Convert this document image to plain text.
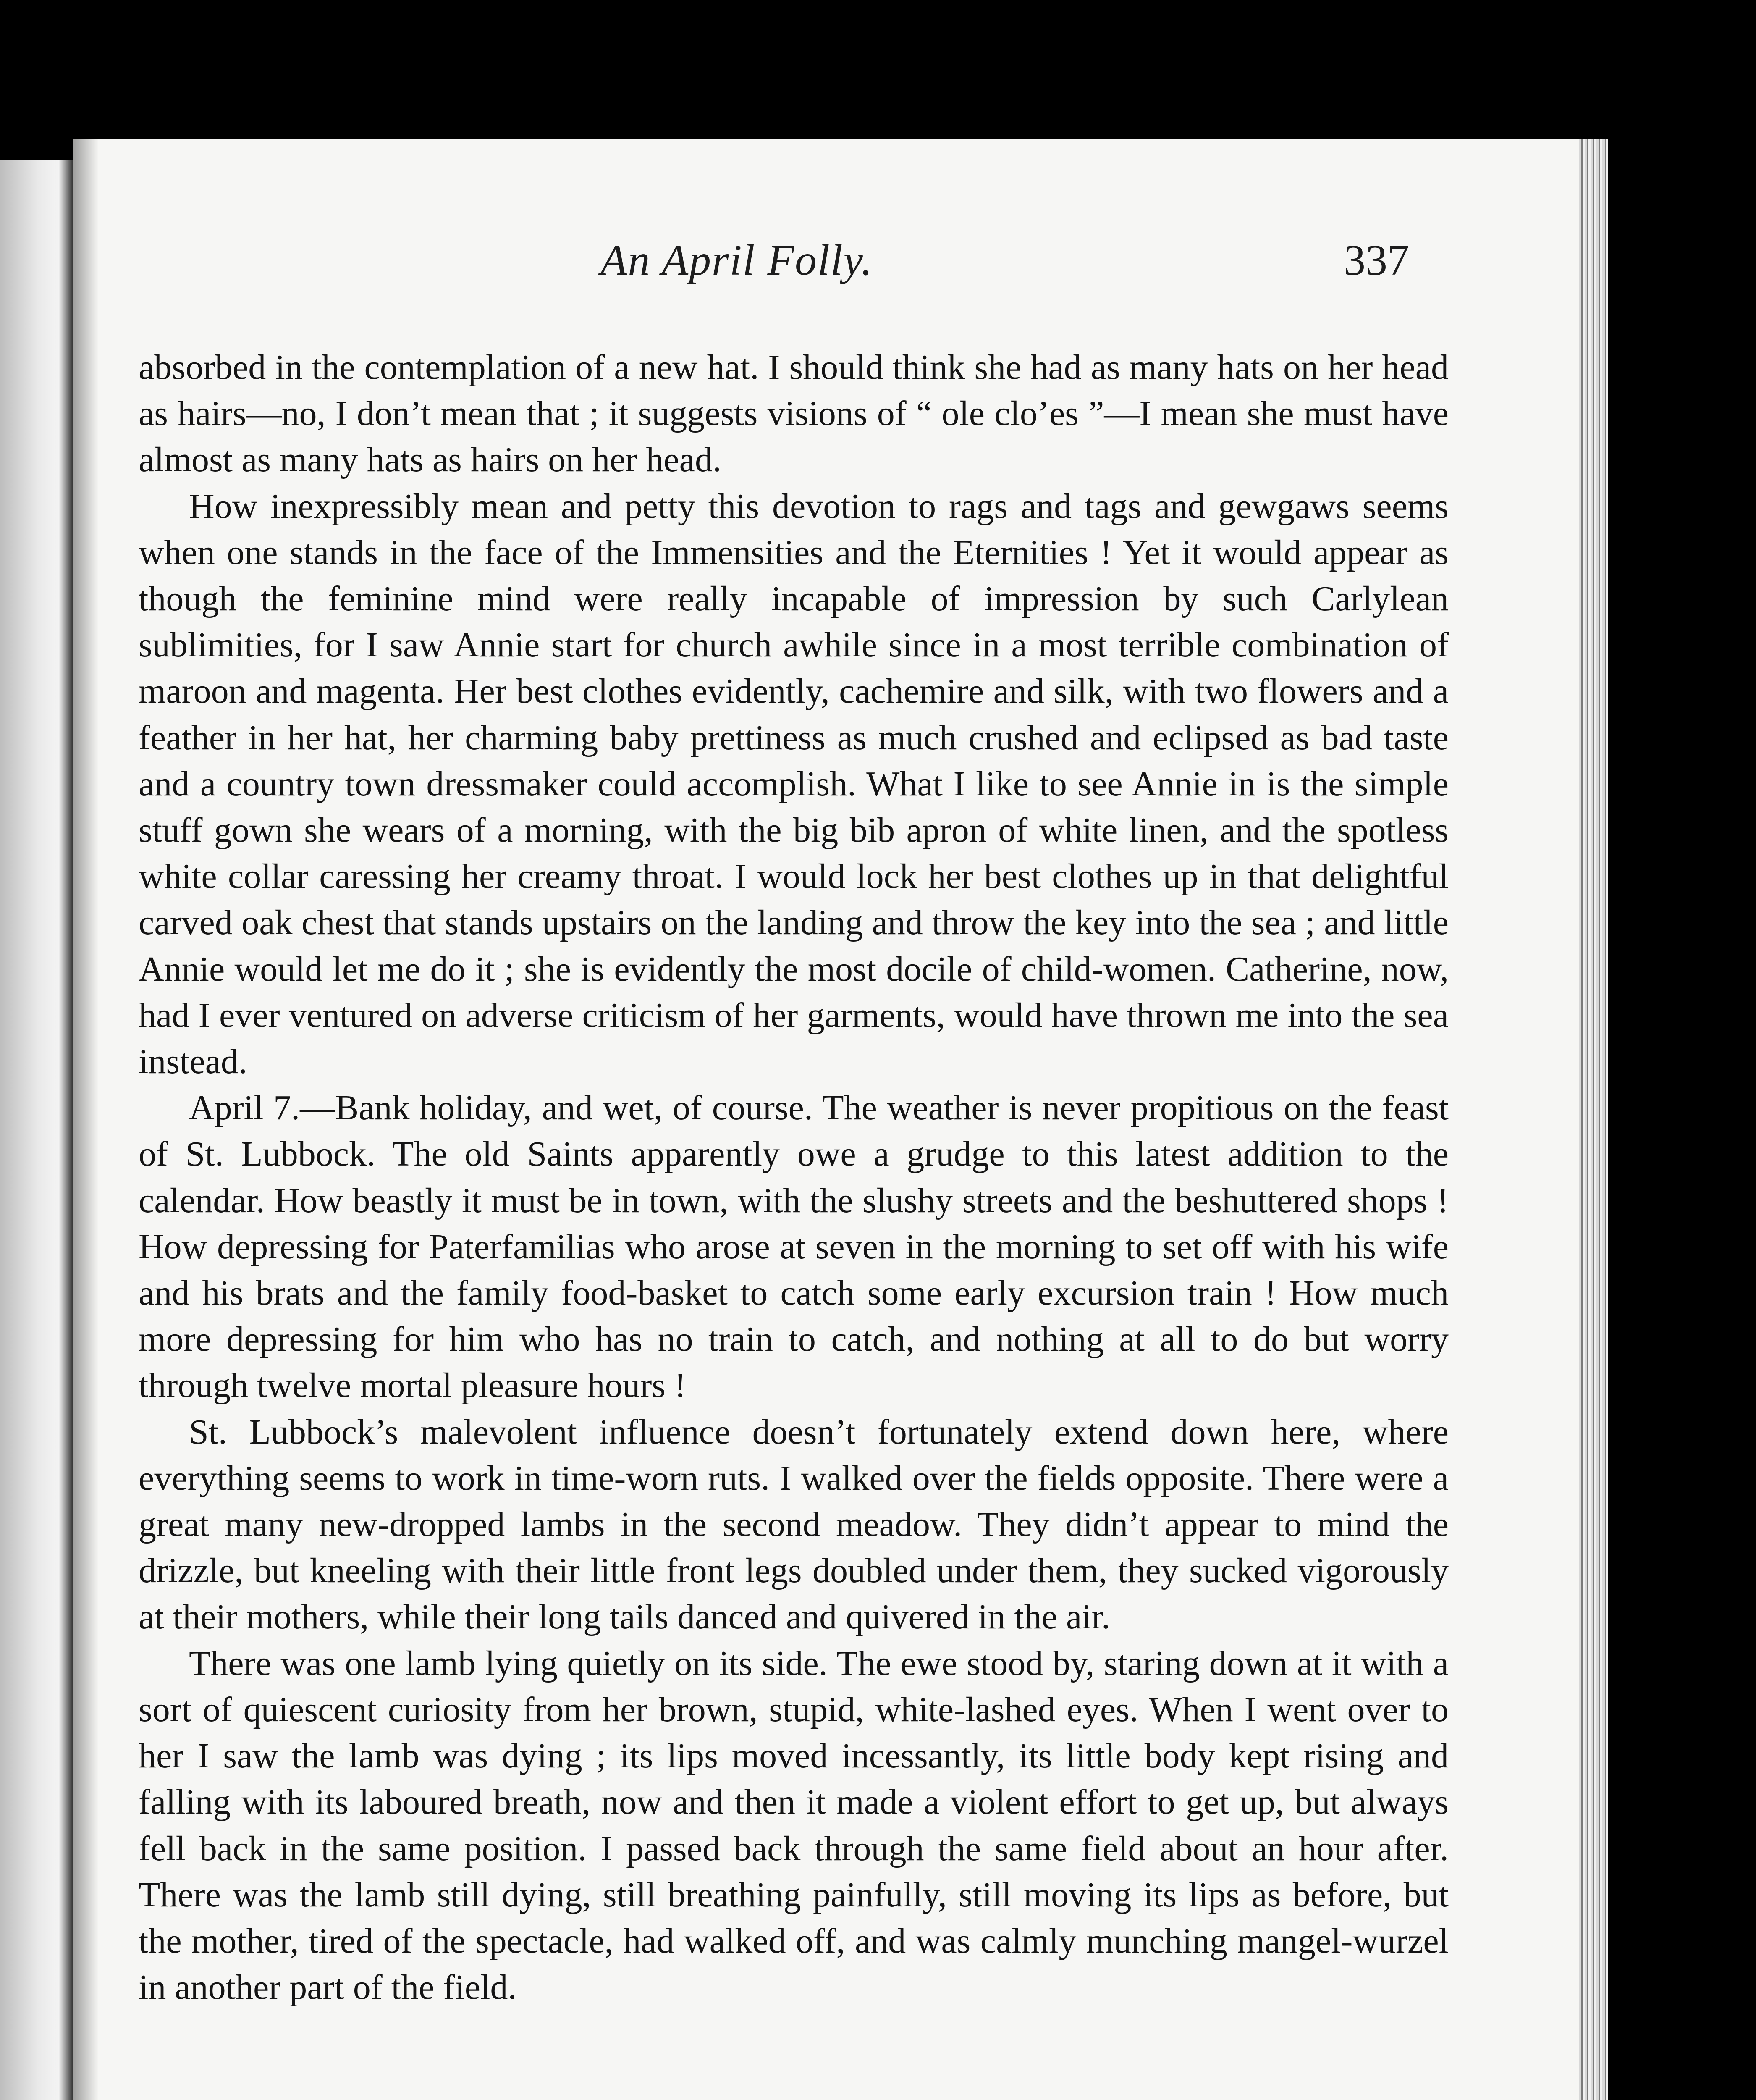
An April Folly.	337

absorbed in the contemplation of a new hat. I should think she had as many hats on her head as hairs—no, I don’t mean that ; it suggests visions of “ ole clo’es ”—I mean she must have almost as many hats as hairs on her head.

How inexpressibly mean and petty this devotion to rags and tags and gewgaws seems when one stands in the face of the Immensities and the Eternities ! Yet it would appear as though the feminine mind were really incapable of impression by such Carlylean sublimities, for I saw Annie start for church awhile since in a most terrible combination of maroon and magenta. Her best clothes evidently, cachemire and silk, with two flowers and a feather in her hat, her charming baby prettiness as much crushed and eclipsed as bad taste and a country town dressmaker could accomplish. What I like to see Annie in is the simple stuff gown she wears of a morning, with the big bib apron of white linen, and the spotless white collar caressing her creamy throat. I would lock her best clothes up in that delightful carved oak chest that stands upstairs on the landing and throw the key into the sea ; and little Annie would let me do it ; she is evidently the most docile of child-women. Catherine, now, had I ever ventured on adverse criticism of her garments, would have thrown me into the sea instead.

April 7.—Bank holiday, and wet, of course. The weather is never propitious on the feast of St. Lubbock. The old Saints apparently owe a grudge to this latest addition to the calendar. How beastly it must be in town, with the slushy streets and the beshuttered shops ! How depressing for Paterfamilias who arose at seven in the morning to set off with his wife and his brats and the family food-basket to catch some early excursion train ! How much more depressing for him who has no train to catch, and nothing at all to do but worry through twelve mortal pleasure hours !

St. Lubbock’s malevolent influence doesn’t fortunately extend down here, where everything seems to work in time-worn ruts. I walked over the fields opposite. There were a great many new-dropped lambs in the second meadow. They didn’t appear to mind the drizzle, but kneeling with their little front legs doubled under them, they sucked vigorously at their mothers, while their long tails danced and quivered in the air.

There was one lamb lying quietly on its side. The ewe stood by, staring down at it with a sort of quiescent curiosity from her brown, stupid, white-lashed eyes. When I went over to her I saw the lamb was dying ; its lips moved incessantly, its little body kept rising and falling with its laboured breath, now and then it made a violent effort to get up, but always fell back in the same position. I passed back through the same field about an hour after. There was the lamb still dying, still breathing painfully, still moving its lips as before, but the mother, tired of the spectacle, had walked off, and was calmly munching mangel-wurzel in another part of the field.
